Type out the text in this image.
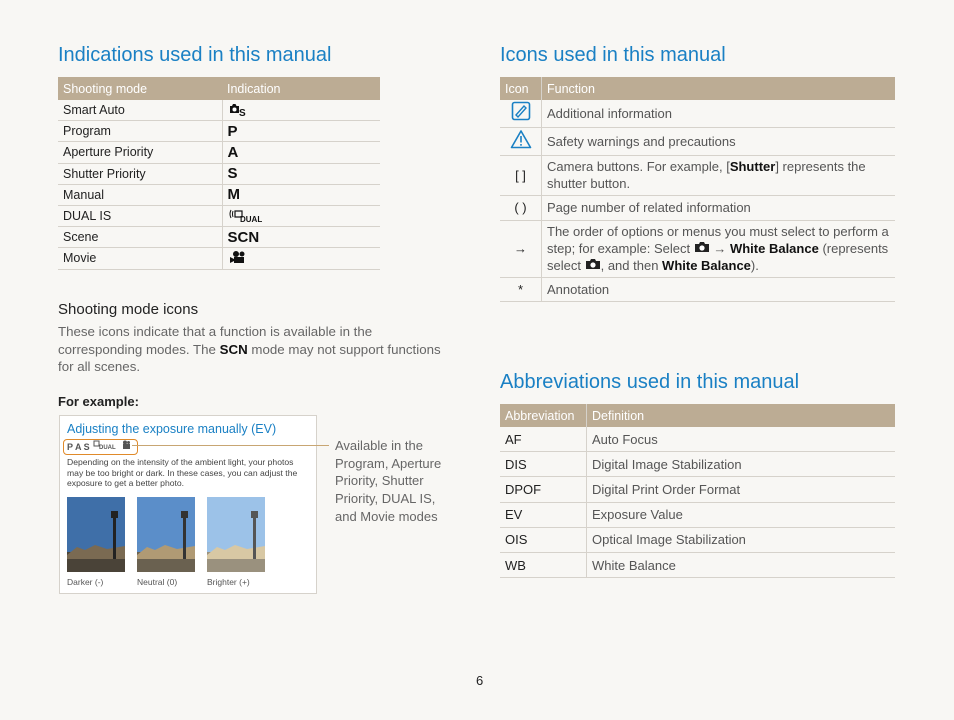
Indications used in this manual
Shooting mode	Indication
Smart Auto	S

Program	P
Aperture Priority	A
Shutter Priority	S
Manual	M
DUAL IS	DUAL

Scene	SCN
Movie	
Shooting mode icons
These icons indicate that a function is available in the corresponding modes. The SCN mode may not support functions for all scenes.
For example:
Adjusting the exposure manually (EV)
P A S DUAL

Depending on the intensity of the ambient light, your photos may be too bright or dark. In these cases, you can adjust the exposure to get a better photo.
Darker (-)	Neutral (0)	Brighter (+)
Available in the Program, Aperture Priority, Shutter Priority, DUAL IS, and Movie modes
Icons used in this manual
Icon	Function
	Additional information
	Safety warnings and precautions
[ ]	Camera buttons. For example, [Shutter] represents the shutter button.
( )	Page number of related information
→	The order of options or menus you must select to perform a step; for example: Select → White Balance (represents select , and then White Balance).
*	Annotation
Abbreviations used in this manual
Abbreviation	Definition
AF	Auto Focus
DIS	Digital Image Stabilization
DPOF	Digital Print Order Format
EV	Exposure Value
OIS	Optical Image Stabilization
WB	White Balance
6
